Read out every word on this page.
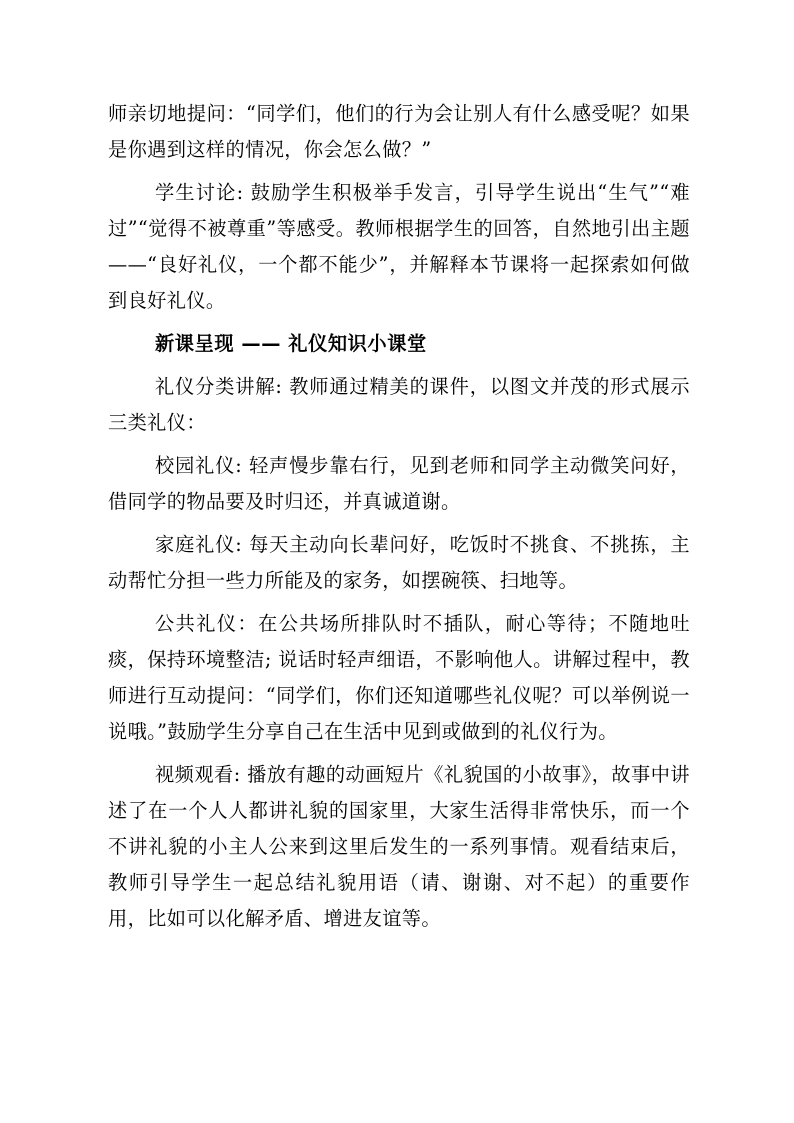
师亲切地提问：“同学们，他们的行为会让别人有什么感受呢？如果是你遇到这样的情况，你会怎么做？”

学生讨论: 鼓励学生积极举手发言，引导学生说出“生气”“难过”“觉得不被尊重”等感受。教师根据学生的回答，自然地引出主题——“良好礼仪，一个都不能少”，并解释本节课将一起探索如何做到良好礼仪。

新课呈现 —— 礼仪知识小课堂

礼仪分类讲解: 教师通过精美的课件，以图文并茂的形式展示三类礼仪：

校园礼仪: 轻声慢步靠右行，见到老师和同学主动微笑问好，借同学的物品要及时归还，并真诚道谢。

家庭礼仪: 每天主动向长辈问好，吃饭时不挑食、不挑拣，主动帮忙分担一些力所能及的家务，如摆碗筷、扫地等。

公共礼仪：在公共场所排队时不插队，耐心等待；不随地吐痰，保持环境整洁; 说话时轻声细语，不影响他人。讲解过程中，教师进行互动提问：“同学们，你们还知道哪些礼仪呢？可以举例说一说哦。”鼓励学生分享自己在生活中见到或做到的礼仪行为。

视频观看: 播放有趣的动画短片《礼貌国的小故事》，故事中讲述了在一个人人都讲礼貌的国家里，大家生活得非常快乐，而一个不讲礼貌的小主人公来到这里后发生的一系列事情。观看结束后，教师引导学生一起总结礼貌用语（请、谢谢、对不起）的重要作用，比如可以化解矛盾、增进友谊等。
